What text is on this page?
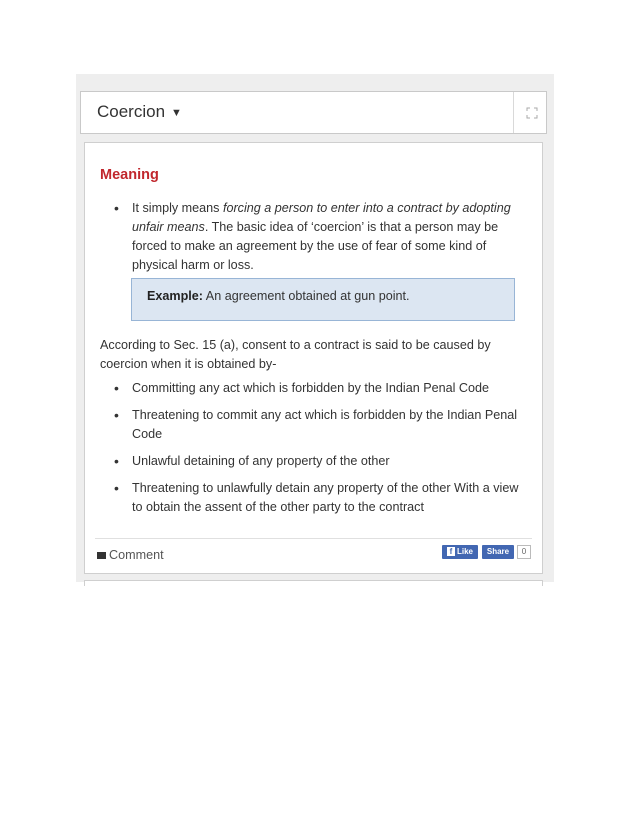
Coercion ▼
Meaning
• It simply means forcing a person to enter into a contract by adopting unfair means. The basic idea of ‘coercion’ is that a person may be forced to make an agreement by the use of fear of some kind of physical harm or loss.
Example: An agreement obtained at gun point.
According to Sec. 15 (a), consent to a contract is said to be caused by coercion when it is obtained by-
• Committing any act which is forbidden by the Indian Penal Code
• Threatening to commit any act which is forbidden by the Indian Penal Code
• Unlawful detaining of any property of the other
• Threatening to unlawfully detain any property of the other With a view to obtain the assent of the other party to the contract
Comment	f Like	Share	0
